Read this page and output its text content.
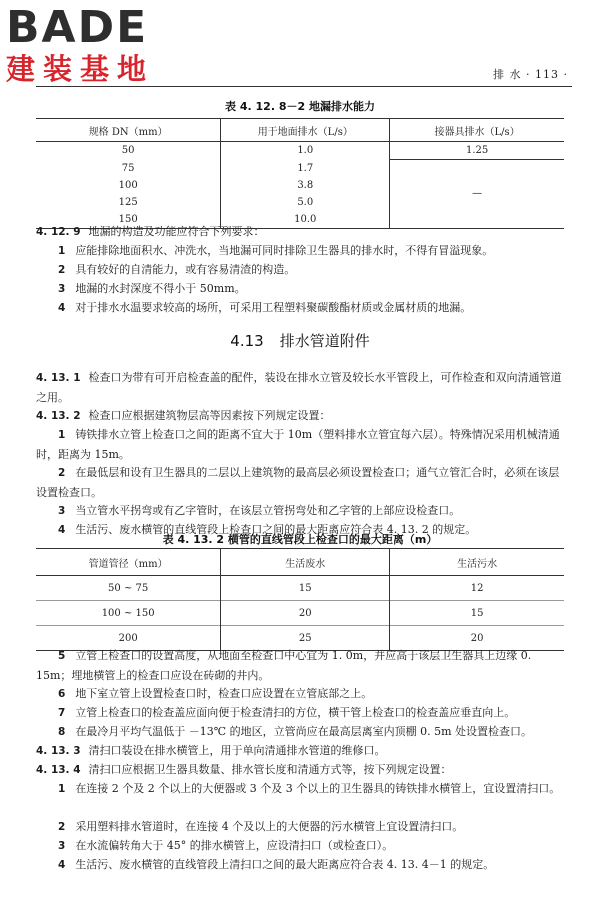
BADE
建装基地	排 水 · 113 ·
表 4. 12. 8－2 地漏排水能力
规格 DN（mm）	用于地面排水（L/s）	接器具排水（L/s）
50	1.0	1.25
75	1.7	—
100	3.8	
125	5.0	
150	10.0	
4. 12. 9 地漏的构造及功能应符合下列要求：
1 应能排除地面积水、冲洗水，当地漏可同时排除卫生器具的排水时，不得有冒溢现象。
2 具有较好的自清能力，或有容易清渣的构造。
3 地漏的水封深度不得小于 50mm。
4 对于排水水温要求较高的场所，可采用工程塑料聚碳酸酯材质或金属材质的地漏。
4.13 排水管道附件
4. 13. 1 检查口为带有可开启检查盖的配件，装设在排水立管及较长水平管段上，可作检查和双向清通管道之用。
4. 13. 2 检查口应根据建筑物层高等因素按下列规定设置：
1 铸铁排水立管上检查口之间的距离不宜大于 10m（塑料排水立管宜每六层）。特殊情况采用机械清通时，距离为 15m。
2 在最低层和设有卫生器具的二层以上建筑物的最高层必须设置检查口；通气立管汇合时，必须在该层设置检查口。
3 当立管水平拐弯或有乙字管时，在该层立管拐弯处和乙字管的上部应设检查口。
4 生活污、废水横管的直线管段上检查口之间的最大距离应符合表 4. 13. 2 的规定。
表 4. 13. 2 横管的直线管段上检查口的最大距离（m）
管道管径（mm）	生活废水	生活污水
50 ~ 75	15	12
100 ~ 150	20	15
200	25	20
5 立管上检查口的设置高度，从地面至检查口中心宜为 1. 0m，并应高于该层卫生器具上边缘 0. 15m；埋地横管上的检查口应设在砖砌的井内。
6 地下室立管上设置检查口时，检查口应设置在立管底部之上。
7 立管上检查口的检查盖应面向便于检查清扫的方位，横干管上检查口的检查盖应垂直向上。
8 在最冷月平均气温低于 －13℃ 的地区，立管尚应在最高层离室内顶棚 0. 5m 处设置检查口。
4. 13. 3 清扫口装设在排水横管上，用于单向清通排水管道的维修口。
4. 13. 4 清扫口应根据卫生器具数量、排水管长度和清通方式等，按下列规定设置：
1 在连接 2 个及 2 个以上的大便器或 3 个及 3 个以上的卫生器具的铸铁排水横管上，宜设置清扫口。
2 采用塑料排水管道时，在连接 4 个及以上的大便器的污水横管上宜设置清扫口。
3 在水流偏转角大于 45° 的排水横管上，应设清扫口（或检查口）。
4 生活污、废水横管的直线管段上清扫口之间的最大距离应符合表 4. 13. 4－1 的规定。
